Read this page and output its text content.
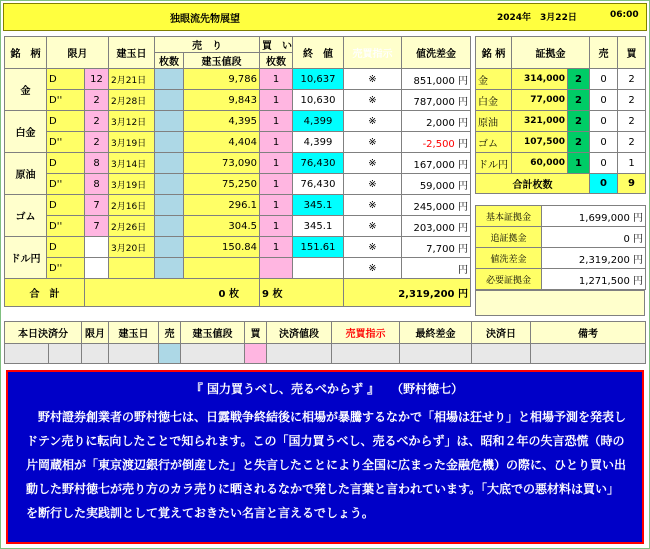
独眼流先物展望	2024年　3月22日	06:00
銘　柄	限月		建玉日	売　り		買　い	終　値	売買指示	値洗差金
				枚数	建玉値段	枚数			
金	D	12	2月21日		9,786	1	10,637	※	851,000 円
	D''	2	2月28日		9,843	1	10,630	※	787,000 円
白金	D	2	3月12日		4,395	1	4,399	※	2,000 円
	D''	2	3月19日		4,404	1	4,399	※	-2,500 円
原油	D	8	3月14日		73,090	1	76,430	※	167,000 円
	D''	8	3月19日		75,250	1	76,430	※	59,000 円
ゴム	D	7	2月16日		296.1	1	345.1	※	245,000 円
	D''	7	2月26日		304.5	1	345.1	※	203,000 円
ドル円	D		3月20日		150.84	1	151.61	※	7,700 円
	D''							※	円
合　計		0 枚				9 枚		2,319,200 円	
銘 柄	証拠金		売	買
金	314,000	2	0	2
白金	77,000	2	0	2
原油	321,000	2	0	2
ゴム	107,500	2	0	2
ドル円	60,000	1	0	1
合計枚数			0	9
基本証拠金	1,699,000 円
追証拠金	0 円
値洗差金	2,319,200 円
必要証拠金	1,271,500 円
本日決済分		限月	建玉日	売	建玉値段	買	決済値段	売買指示	最終差金	決済日	備考

『 国力買うべし、売るべからず 』　　（野村徳七）
野村證券創業者の野村徳七は、日露戦争終結後に相場が暴騰するなかで「相場は狂せり」と相場予測を発表しドテン売りに転向したことで知られます。この「国力買うべし、売るべからず」は、昭和２年の失言恐慌（時の片岡蔵相が「東京渡辺銀行が倒産した」と失言したことにより全国に広まった金融危機）の際に、ひとり買い出動した野村徳七が売り方のカラ売りに晒されるなかで発した言葉と言われています。「大底での悪材料は買い」を断行した実践訓として覚えておきたい名言と言えるでしょう。
